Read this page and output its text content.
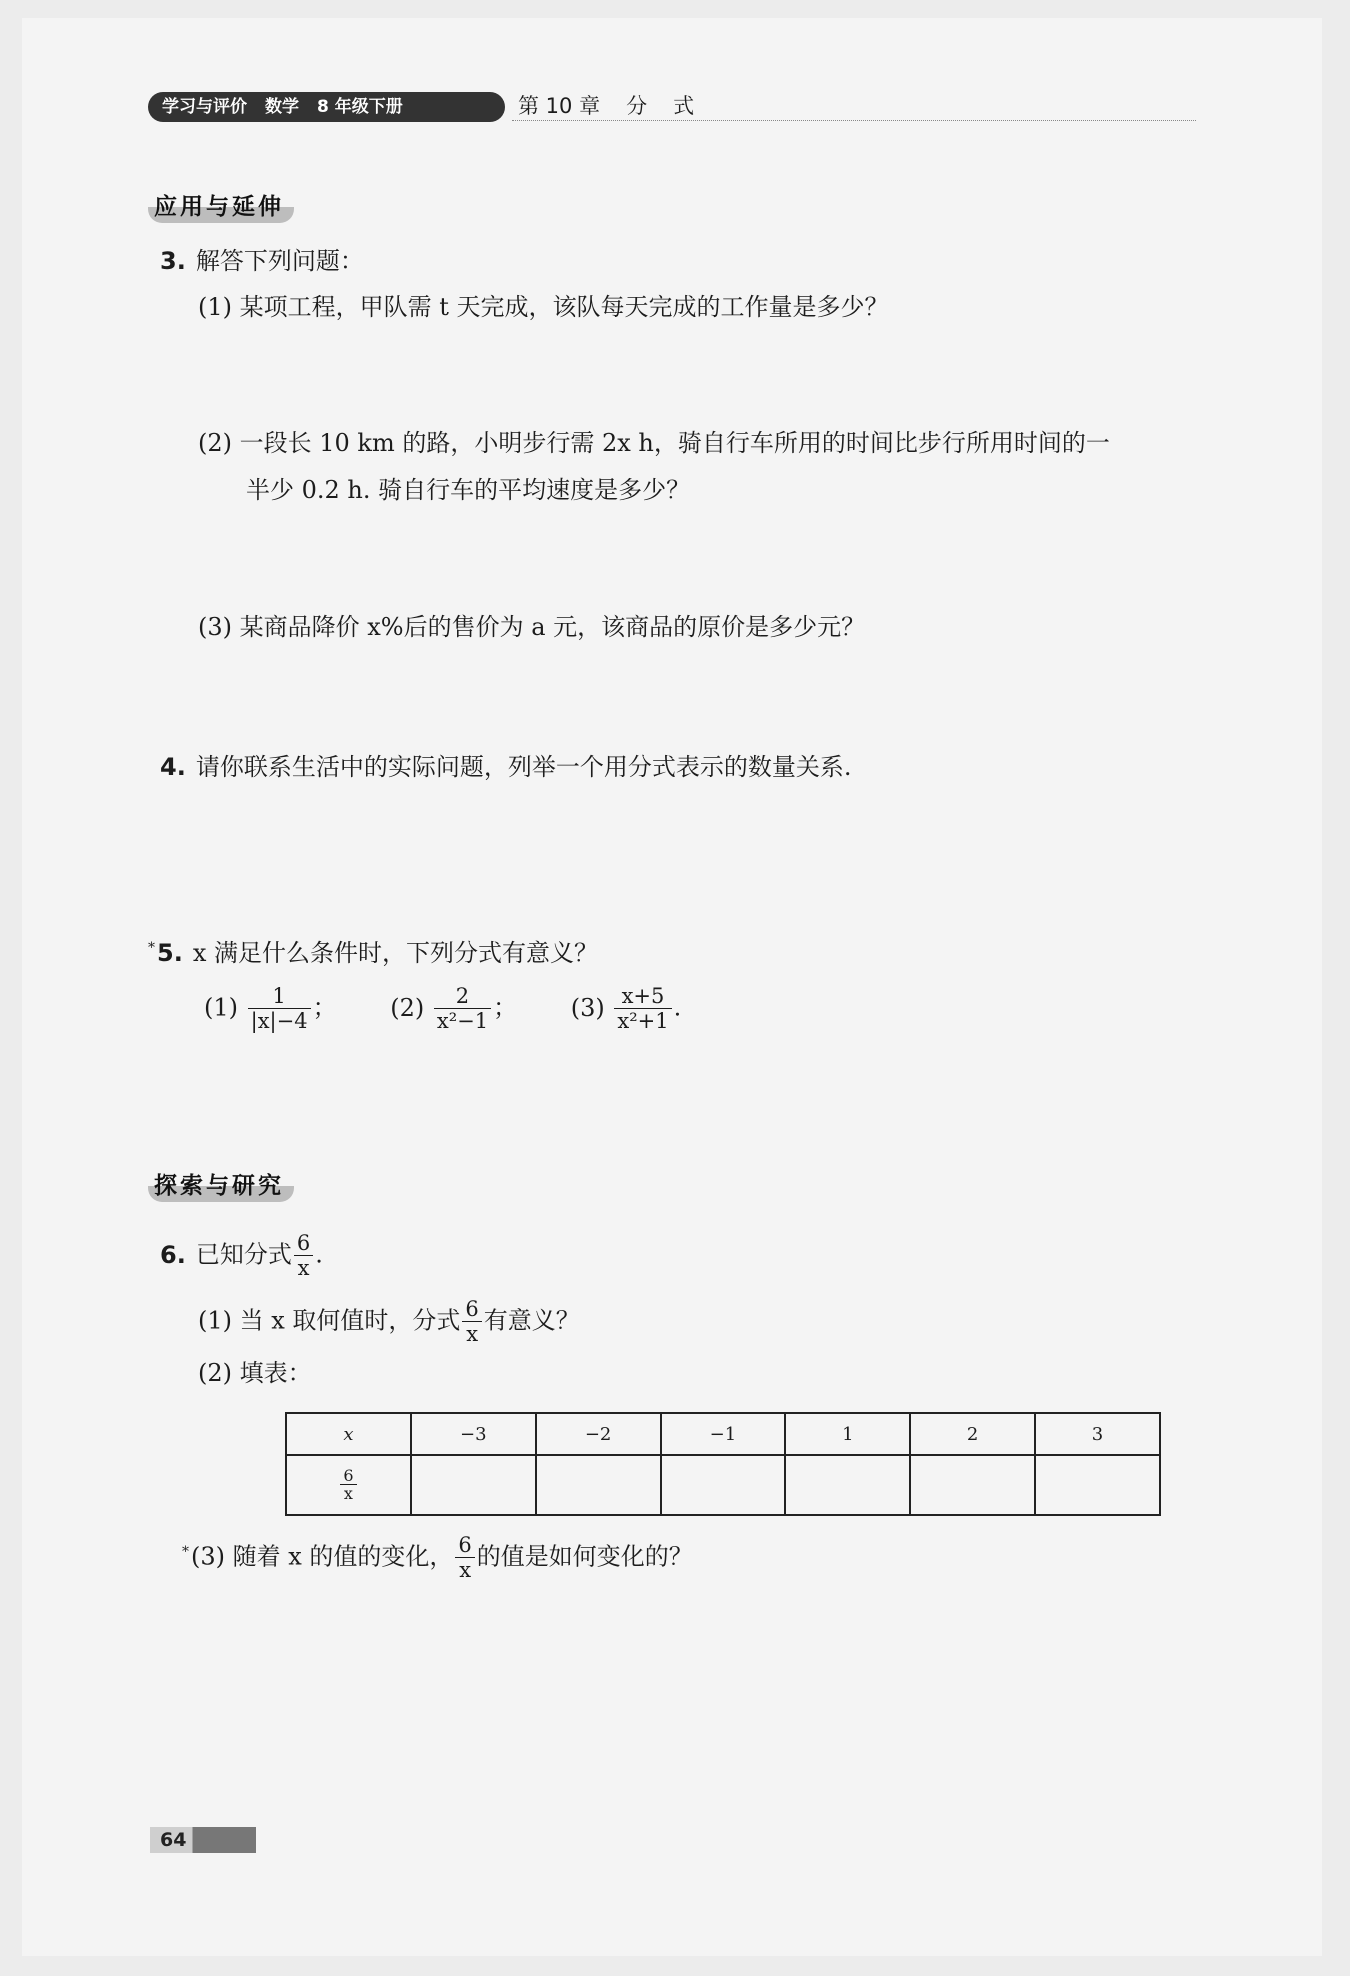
学习与评价 数学 8 年级下册	第 10 章 分 式
应用与延伸
3. 解答下列问题：
(1) 某项工程，甲队需 t 天完成，该队每天完成的工作量是多少？
(2) 一段长 10 km 的路，小明步行需 2x h，骑自行车所用的时间比步行所用时间的一
半少 0.2 h. 骑自行车的平均速度是多少？
(3) 某商品降价 x%后的售价为 a 元，该商品的原价是多少元？
4. 请你联系生活中的实际问题，列举一个用分式表示的数量关系.
*5. x 满足什么条件时，下列分式有意义？
$(1) \frac{1}{|x|-4}$ ； $(2) \frac{2}{\text{x²−1}}$ ； $(3) \frac{x+5}{\text{x²+1}}$ .
探索与研究
6. 已知分式 $\frac{6}{x}$ .
(1) 当 x 取何值时，分式 $\frac{6}{x}$ 有意义？
(2) 填表：
x	−3	−2	−1	1	2	3

$\frac{6}{x}$

*(3) 随着 x 的值的变化， $\frac{6}{x}$ 的值是如何变化的？
64
